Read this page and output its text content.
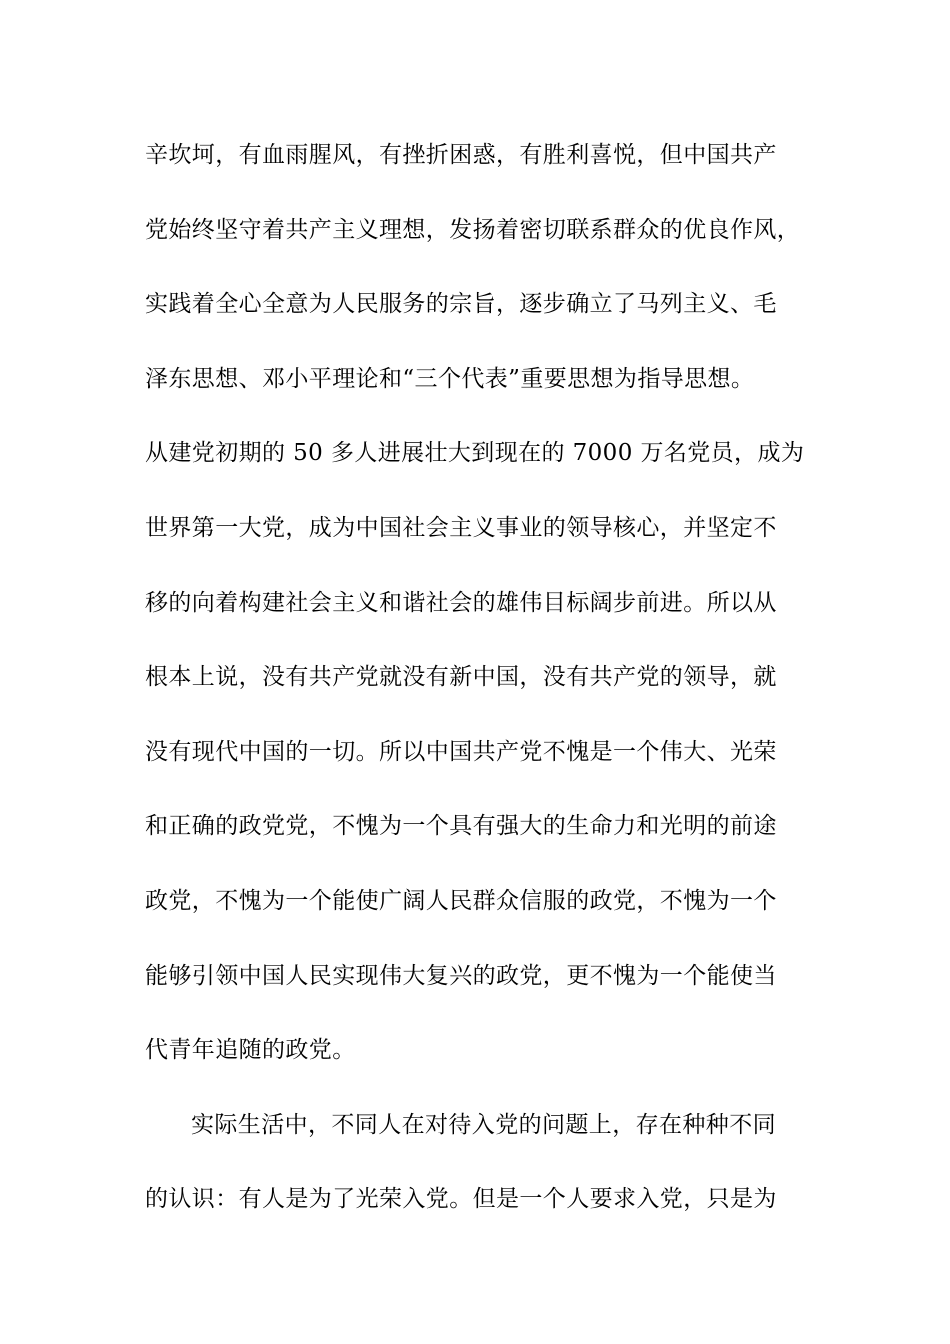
辛坎坷，有血雨腥风，有挫折困惑，有胜利喜悦，但中国共产
党始终坚守着共产主义理想，发扬着密切联系群众的优良作风，
实践着全心全意为人民服务的宗旨，逐步确立了马列主义、毛
泽东思想、邓小平理论和“三个代表”重要思想为指导思想。
从建党初期的 50 多人进展壮大到现在的 7000 万名党员，成为
世界第一大党，成为中国社会主义事业的领导核心，并坚定不
移的向着构建社会主义和谐社会的雄伟目标阔步前进。所以从
根本上说，没有共产党就没有新中国，没有共产党的领导，就
没有现代中国的一切。所以中国共产党不愧是一个伟大、光荣
和正确的政党党，不愧为一个具有强大的生命力和光明的前途
政党，不愧为一个能使广阔人民群众信服的政党，不愧为一个
能够引领中国人民实现伟大复兴的政党，更不愧为一个能使当
代青年追随的政党。
实际生活中，不同人在对待入党的问题上，存在种种不同
的认识：有人是为了光荣入党。但是一个人要求入党，只是为
